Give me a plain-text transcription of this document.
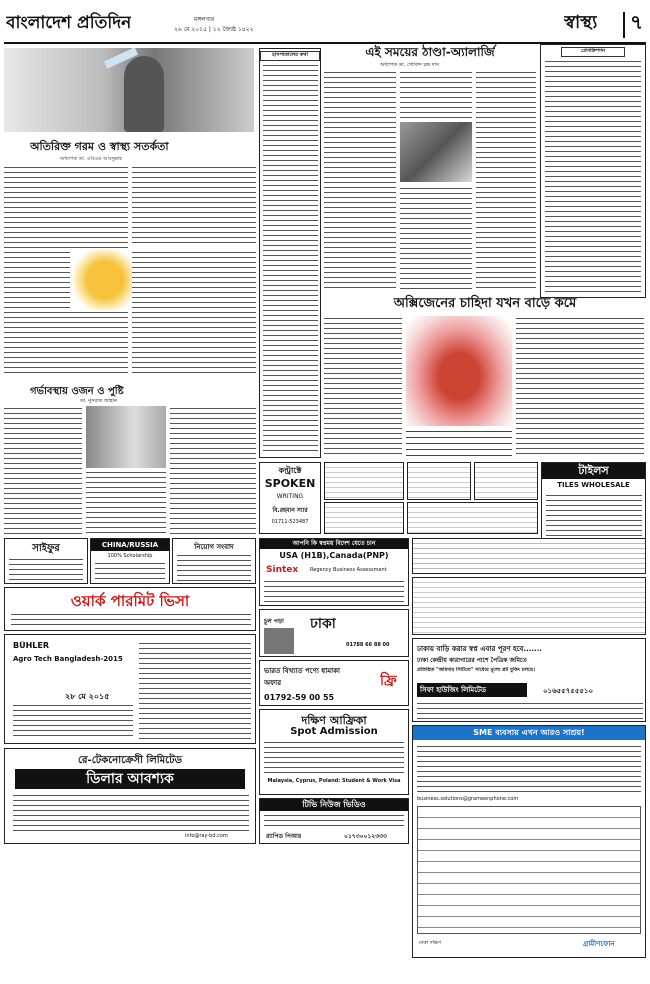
বাংলাদেশ প্রতিদিন	মঙ্গলবার
২৬ মে ২০১৫ | ১২ জ্যৈষ্ঠ ১৪২২	স্বাস্থ্য ৭
অতিরিক্ত গরম ও স্বাস্থ্য সতর্কতা
অধ্যাপক ডা. এবিএম আবদুল্লাহ
হাসপাতালের কথা	এই সময়ের ঠাণ্ডা-অ্যালার্জি
অধ্যাপক ডা. গোবিন্দ চন্দ্র দাস
প্রেসক্রিপশন
অক্সিজেনের চাহিদা যখন বাড়ে কমে
গর্ভাবস্থায় ওজন ও পুষ্টি
ডা. নুসরাত জাহান
কন্ট্রাক্টে
SPOKEN
WRITING
বি.রহমান স্যার
01711-523487
টাইলস
TILES WHOLESALE
সাইফুর	CHINA/RUSSIA
100% Scholarship
নিয়োগ সংবাদ
ওয়ার্ক পারমিট ভিসা
BÜHLER
Agro Tech Bangladesh-2015
২৮ মে ২০১৫
রে-টেকনোক্রেসী লিমিটেড
ডিলার আবশ্যক
info@ray-bd.com
আপনি কি স্বপ্নময় বিদেশ যেতে চান
USA (H1B),Canada(PNP)
Sintex Regency Business Assessment
ঢাকা
চুল পড়া
01788 66 88 00
ভারত বিখ্যাত পণ্যে ধামাকা অফার	ফ্রি
01792-59 00 55
দক্ষিণ আফ্রিকা
Spot Admission
Malaysia, Cyprus, Poland: Student & Work Visa
টিভি নিউজ ভিডিও
র‍্যাপিড পিআর	০১৭৩০০১২৩৩৩
ঢাকায় বাড়ি করার স্বপ্ন এবার পূরণ হবে.......
ঢাকা কেন্দ্রীয় কারাগারের পাশে পৈত্রিক জমিতে
প্রতিষ্ঠিত "জমিদার সিটিতে" সাধ্যের মূল্যে প্লট বুকিং চলছে।
সিফা হাউজিং লিমিটেড	০১৬৫৫৭৫৫৫১০
SME ব্যবসায় এখন আরও সাশ্রয়!
business.solutions@grameenphone.com
ঢাকা দক্ষিণ	গ্রামীণফোন
